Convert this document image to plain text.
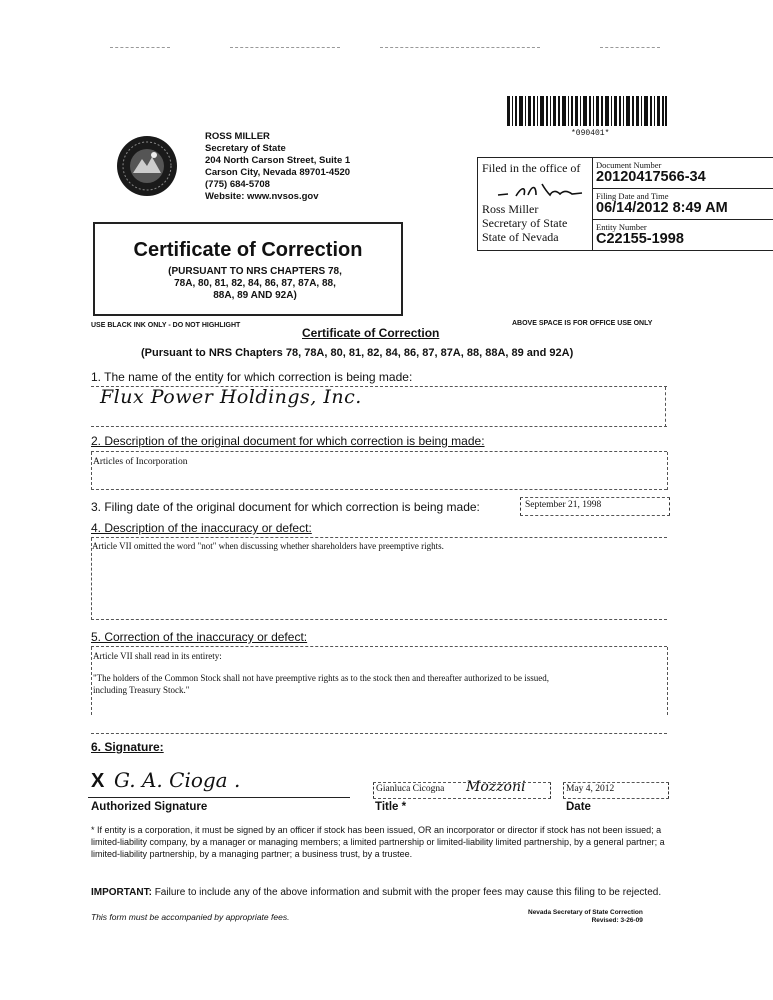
*090401*
ROSS MILLER
Secretary of State
204 North Carson Street, Suite 1
Carson City, Nevada 89701-4520
(775) 684-5708
Website: www.nvsos.gov
Filed in the office of
Ross Miller
Secretary of State
State of Nevada
Document Number
20120417566-34
Filing Date and Time
06/14/2012 8:49 AM
Entity Number
C22155-1998
Certificate of Correction
(PURSUANT TO NRS CHAPTERS 78,
78A, 80, 81, 82, 84, 86, 87, 87A, 88,
88A, 89 AND 92A)
USE BLACK INK ONLY - DO NOT HIGHLIGHT	ABOVE SPACE IS FOR OFFICE USE ONLY
Certificate of Correction
(Pursuant to NRS Chapters 78, 78A, 80, 81, 82, 84, 86, 87, 87A, 88, 88A, 89 and 92A)
1. The name of the entity for which correction is being made:
Flux Power Holdings, Inc.
2. Description of the original document for which correction is being made:
Articles of Incorporation
3. Filing date of the original document for which correction is being made:	September 21, 1998
4. Description of the inaccuracy or defect:
Article VII omitted the word "not" when discussing whether shareholders have preemptive rights.
5. Correction of the inaccuracy or defect:
Article VII shall read in its entirety:
"The holders of the Common Stock shall not have preemptive rights as to the stock then and thereafter authorized to be issued,
including Treasury Stock."
6. Signature:
X G. A. Cioga .
Authorized Signature
Gianluca Cicogna Mozzoni
Title *
May 4, 2012
Date
* If entity is a corporation, it must be signed by an officer if stock has been issued, OR an incorporator or director if stock has not been issued; a limited-liability company, by a manager or managing members; a limited partnership or limited-liability limited partnership, by a general partner; a limited-liability partnership, by a managing partner; a business trust, by a trustee.
IMPORTANT: Failure to include any of the above information and submit with the proper fees may cause this filing to be rejected.
This form must be accompanied by appropriate fees.	Nevada Secretary of State Correction
Revised: 3-26-09
